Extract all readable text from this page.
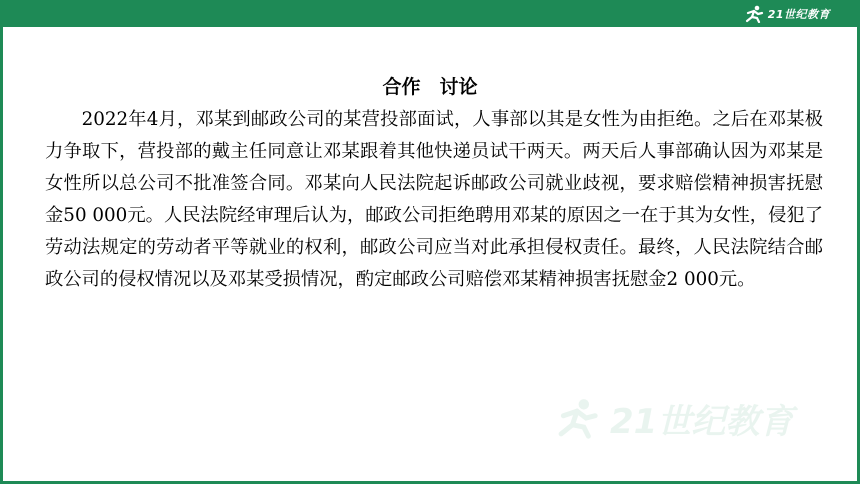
21世纪教育
合作　讨论

2022年4月，邓某到邮政公司的某营投部面试，人事部以其是女性为由拒绝。之后在邓某极力争取下，营投部的戴主任同意让邓某跟着其他快递员试干两天。两天后人事部确认因为邓某是女性所以总公司不批准签合同。邓某向人民法院起诉邮政公司就业歧视，要求赔偿精神损害抚慰金50 000元。人民法院经审理后认为，邮政公司拒绝聘用邓某的原因之一在于其为女性，侵犯了劳动法规定的劳动者平等就业的权利，邮政公司应当对此承担侵权责任。最终，人民法院结合邮政公司的侵权情况以及邓某受损情况，酌定邮政公司赔偿邓某精神损害抚慰金2 000元。

21世纪教育
